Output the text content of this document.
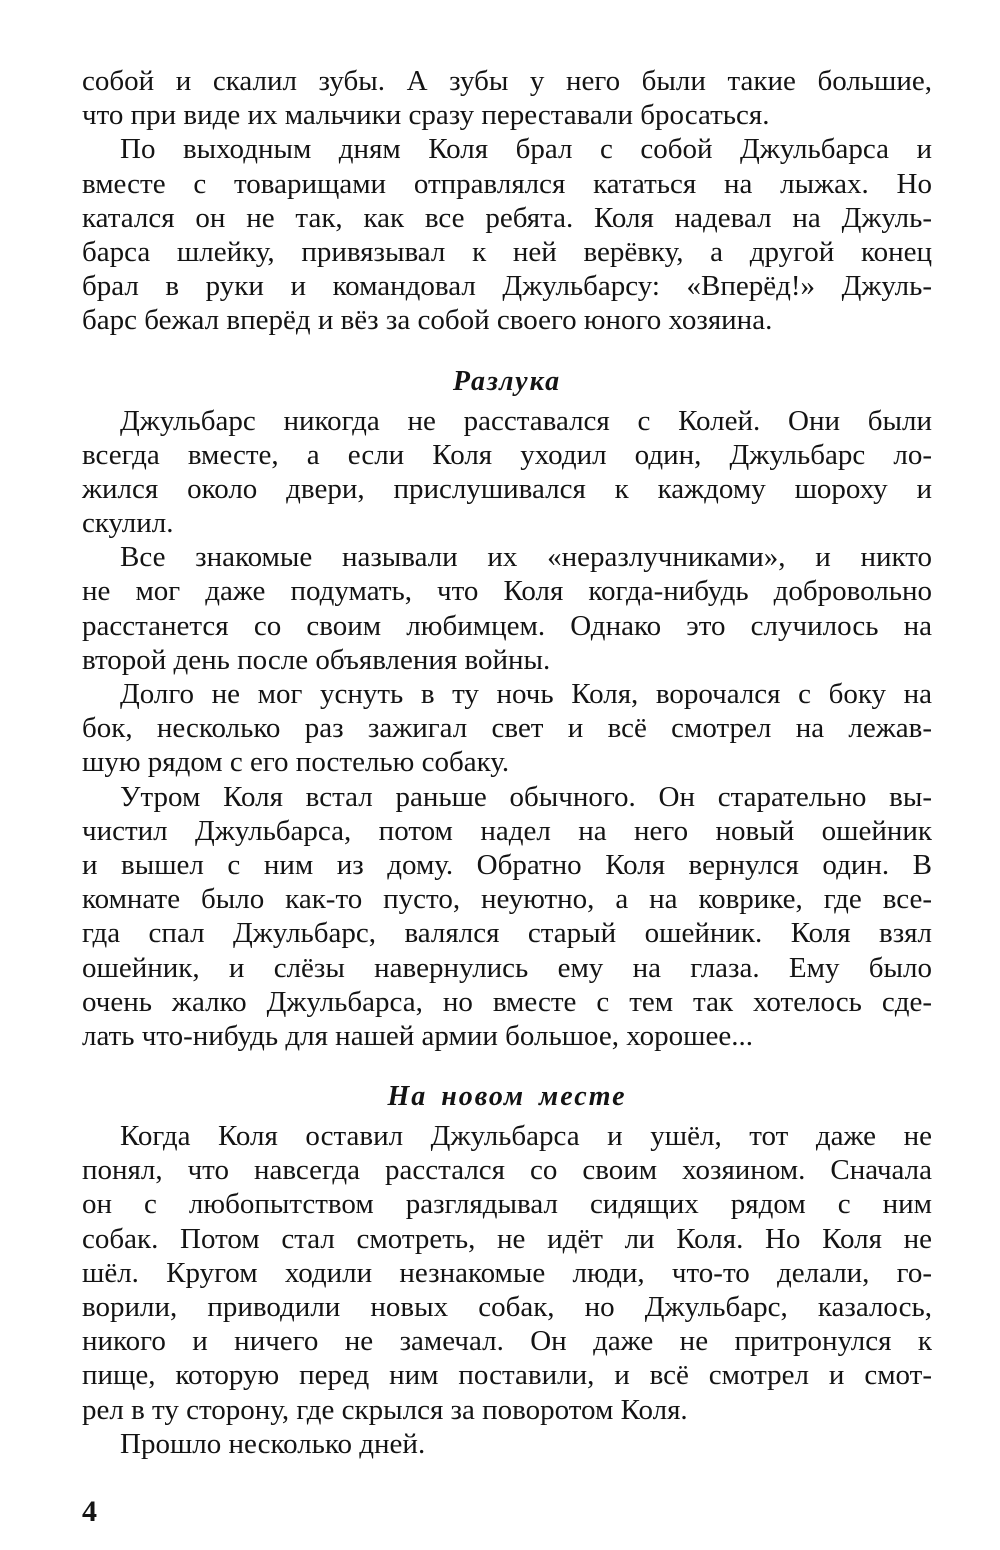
собой и скалил зубы. А зубы у него были такие большие,
что при виде их мальчики сразу переставали бросаться.
По выходным дням Коля брал с собой Джульбарса и
вместе с товарищами отправлялся кататься на лыжах. Но
катался он не так, как все ребята. Коля надевал на Джуль-
барса шлейку, привязывал к ней верёвку, а другой конец
брал в руки и командовал Джульбарсу: «Вперёд!» Джуль-
барс бежал вперёд и вёз за собой своего юного хозяина.
Разлука
Джульбарс никогда не расставался с Колей. Они были
всегда вместе, а если Коля уходил один, Джульбарс ло-
жился около двери, прислушивался к каждому шороху и
скулил.
Все знакомые называли их «неразлучниками», и никто
не мог даже подумать, что Коля когда-нибудь добровольно
расстанется со своим любимцем. Однако это случилось на
второй день после объявления войны.
Долго не мог уснуть в ту ночь Коля, ворочался с боку на
бок, несколько раз зажигал свет и всё смотрел на лежав-
шую рядом с его постелью собаку.
Утром Коля встал раньше обычного. Он старательно вы-
чистил Джульбарса, потом надел на него новый ошейник
и вышел с ним из дому. Обратно Коля вернулся один. В
комнате было как-то пусто, неуютно, а на коврике, где все-
гда спал Джульбарс, валялся старый ошейник. Коля взял
ошейник, и слёзы навернулись ему на глаза. Ему было
очень жалко Джульбарса, но вместе с тем так хотелось сде-
лать что-нибудь для нашей армии большое, хорошее...
На новом месте
Когда Коля оставил Джульбарса и ушёл, тот даже не
понял, что навсегда расстался со своим хозяином. Сначала
он с любопытством разглядывал сидящих рядом с ним
собак. Потом стал смотреть, не идёт ли Коля. Но Коля не
шёл. Кругом ходили незнакомые люди, что-то делали, го-
ворили, приводили новых собак, но Джульбарс, казалось,
никого и ничего не замечал. Он даже не притронулся к
пище, которую перед ним поставили, и всё смотрел и смот-
рел в ту сторону, где скрылся за поворотом Коля.
Прошло несколько дней.
4
